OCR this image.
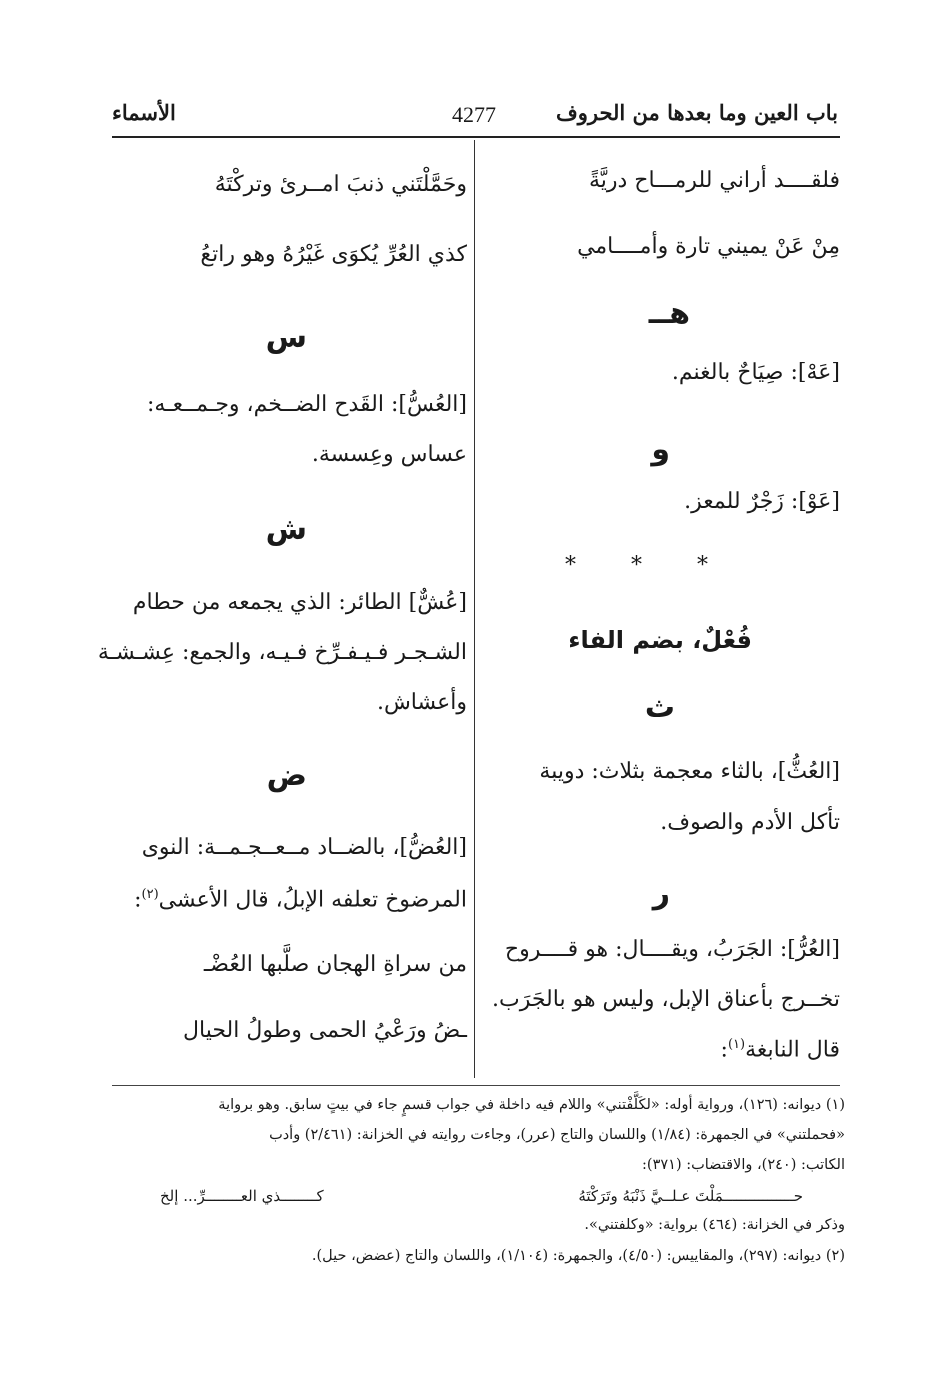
باب العين وما بعدها من الحروف
4277
الأسماء
فلقــــد أراني للرمـــاح دريَّةً
مِنْ عَنْ يميني تارة وأمــــامي
هــ
[عَهْ]: صِيَاحٌ بالغنم.
و
[عَوْ]: زَجْرٌ للمعز.
* * *
فُعْلٌ، بضم الفاء
ث
[العُثُّ]، بالثاء معجمة بثلاث: دويبة
تأكل الأدم والصوف.
ر
[العُرُّ]: الجَرَبُ، ويقــــال: هو قــــروح
تخــرج بأعناق الإبل، وليس هو بالجَرَب.
قال النابغة$^{(١)}$:
وحَمَّلْتَني ذنبَ امــرئ وتركْتَهُ
كذي العُرِّ يُكوَى غَيْرُهُ وهو راتعُ
س
[العُسُّ]: القَدح الضــخم، وجـمــعـه:
عساس وعِسسة.
ش
[عُشٌّ] الطائر: الذي يجمعه من حطام
الشـجـر فـيـفـرِّخ فـيـه، والجمع: عِشـشـة
وأعشاش.
ض
[العُضُّ]، بالضــاد مــعــجـمــة: النوى
المرضوخ تعلفه الإبلُ، قال الأعشى$^{(٢)}$:
من سراةِ الهجان صلَّبها العُضْـ
ـضُ ورَعْيُ الحمى وطولُ الحيال
(١) ديوانه: (١٢٦)، ورواية أوله: «لكَلَّفْتني» واللام فيه داخلة في جواب قسمٍ جاء في بيتٍ سابق. وهو برواية
«فحملتني» في الجمهرة: (١/٨٤) واللسان والتاج (عرر)، وجاءت روايته في الخزانة: (٢/٤٦١) وأدب
الكاتب: (٢٤٠)، والاقتضاب: (٣٧١):
حــــــــــــــــمَلْتَ عـلــيَّ ذَنْبَهُ وتَرَكْتَهُ
كــــــــذي العــــــــرِّ... إلخ
وذكر في الخزانة: (٤٦٤) برواية: «وكلفتني».
(٢) ديوانه: (٢٩٧)، والمقاييس: (٤/٥٠)، والجمهرة: (١/١٠٤)، واللسان والتاج (عضض، حيل).
